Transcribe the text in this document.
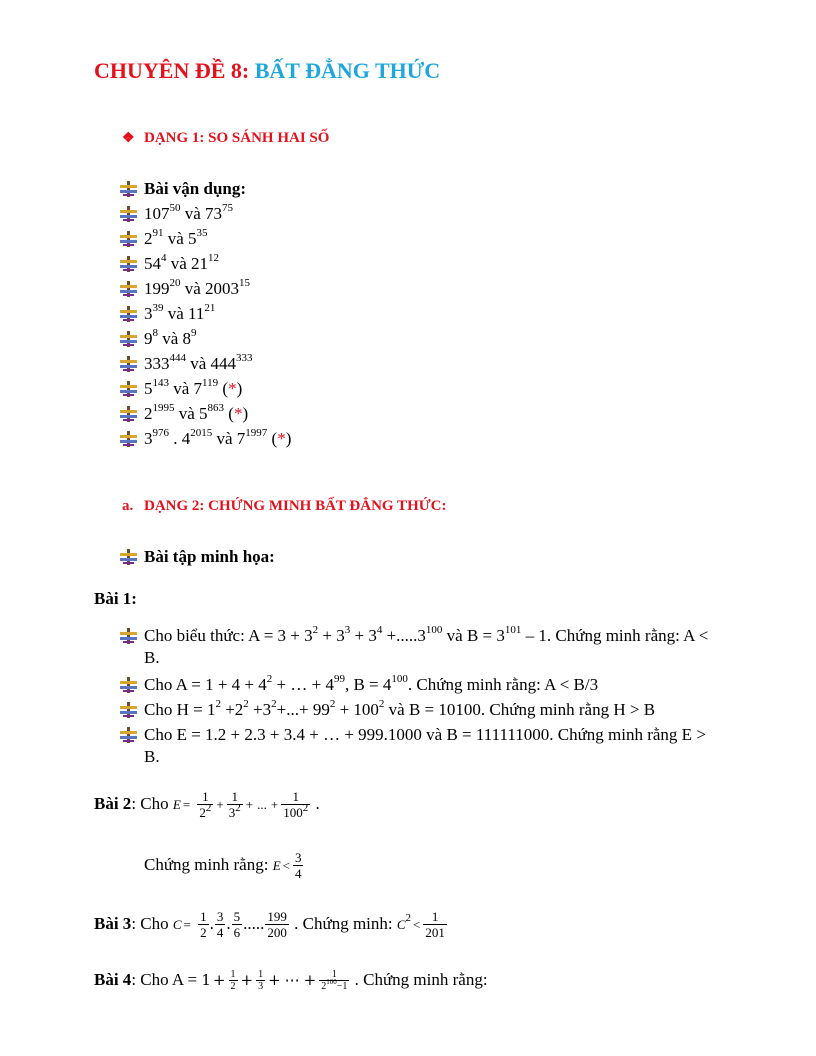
CHUYÊN ĐỀ 8: BẤT ĐẲNG THỨC
❖ DẠNG 1: SO SÁNH HAI SỐ
Bài vận dụng:
$107^{50}$ và $73^{75}$
$2^{91}$ và $5^{35}$
$54^4$ và $21^{12}$
$199^{20}$ và 2003$^{15}$
$3^{39}$ và $11^{21}$
$9^8$ và $8^9$
$333^{444}$ và $444^{333}$
$5^{143}$ và $7^{119}$ (*)
$2^{1995}$ và $5^{863}$ (*)
$3^{976}$ . $4^{2015}$ và $7^{1997}$ (*)
a. DẠNG 2: CHỨNG MINH BẤT ĐẲNG THỨC:
Bài tập minh họa:
Bài 1:
Cho biểu thức: $A = 3 + 3^2 + 3^3 + 3^4 +.....3^{100}$ và $B = 3^{101} - 1$. Chứng minh rằng: A < B.
Cho $A = 1 + 4 + 4^2$ + … + $4^{99}$, $B = 4^{100}$. Chứng minh rằng: A < B/3
Cho $H = 1^2 +2^2 +3^2+...+ 99^2 + 100^2$ và B = 10100. Chứng minh rằng H > B
Cho E = 1.2 + 2.3 + 3.4 + … + 999.1000 và B = 111111000. Chứng minh rằng E > B.
Bài 2: Cho $E = \frac{1}{2^2} + \frac{1}{3^2}$ + ... + $\frac{1}{100^2}$ .
Chứng minh rằng: $E < \frac{3}{4}$
Bài 3: Cho $C = \frac{1}{2}$ . $\frac{3}{4}$ . $\frac{5}{6}$ ..... $\frac{199}{200}$ . Chứng minh: $C^2 < \frac{1}{201}$
Bài 4: Cho $A = 1 + \frac{1}{2} + \frac{1}{3}$ + ⋯ + $\frac{1}{2^{100}-1}$ . Chứng minh rằng:
